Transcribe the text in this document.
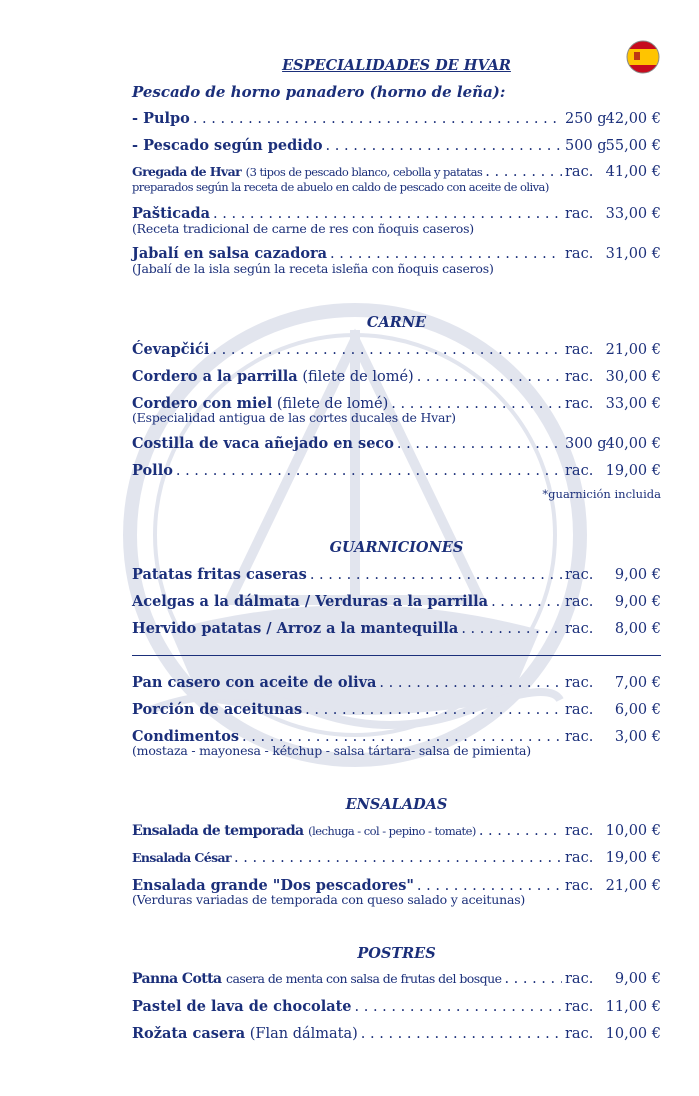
ESPECIALIDADES DE HVAR
Pescado de horno panadero (horno de leña):
- Pulpo . . .	250 g 42,00 €
- Pescado según pedido . . .	500 g 55,00 €
Gregada de Hvar (3 tipos de pescado blanco, cebolla y patatas . . .	rac. 41,00 €
preparados según la receta de abuelo en caldo de pescado con aceite de oliva)
Pašticada . . .	rac. 33,00 €
(Receta tradicional de carne de res con ñoquis caseros)
Jabalí en salsa cazadora . . .	rac. 31,00 €
(Jabalí de la isla según la receta isleña con ñoquis caseros)
CARNE
Ćevapčići . . .	rac. 21,00 €
Cordero a la parrilla (filete de lomé) . . .	rac. 30,00 €
Cordero con miel (filete de lomé) . . .	rac. 33,00 €
(Especialidad antigua de las cortes ducales de Hvar)
Costilla de vaca añejado en seco . . .	300 g 40,00 €
Pollo . . .	rac. 19,00 €
*guarnición incluida
GUARNICIONES
Patatas fritas caseras . . .	rac.	9,00 €
Acelgas a la dálmata / Verduras a la parrilla . . .	rac.	9,00 €
Hervido patatas / Arroz a la mantequilla . . .	rac.	8,00 €
Pan casero con aceite de oliva . . .	rac.	7,00 €
Porción de aceitunas . . .	rac.	6,00 €
Condimentos . . .	rac.	3,00 €
(mostaza - mayonesa - kétchup - salsa tártara- salsa de pimienta)
ENSALADAS
Ensalada de temporada (lechuga - col - pepino - tomate) . . .	rac. 10,00 €
Ensalada César . . .	rac. 19,00 €
Ensalada grande "Dos pescadores" . . .	rac. 21,00 €
(Verduras variadas de temporada con queso salado y aceitunas)
POSTRES
Panna Cotta casera de menta con salsa de frutas del bosque . . .	rac.	9,00 €
Pastel de lava de chocolate . . .	rac. 11,00 €
Rožata casera (Flan dálmata) . . .	rac. 10,00 €
